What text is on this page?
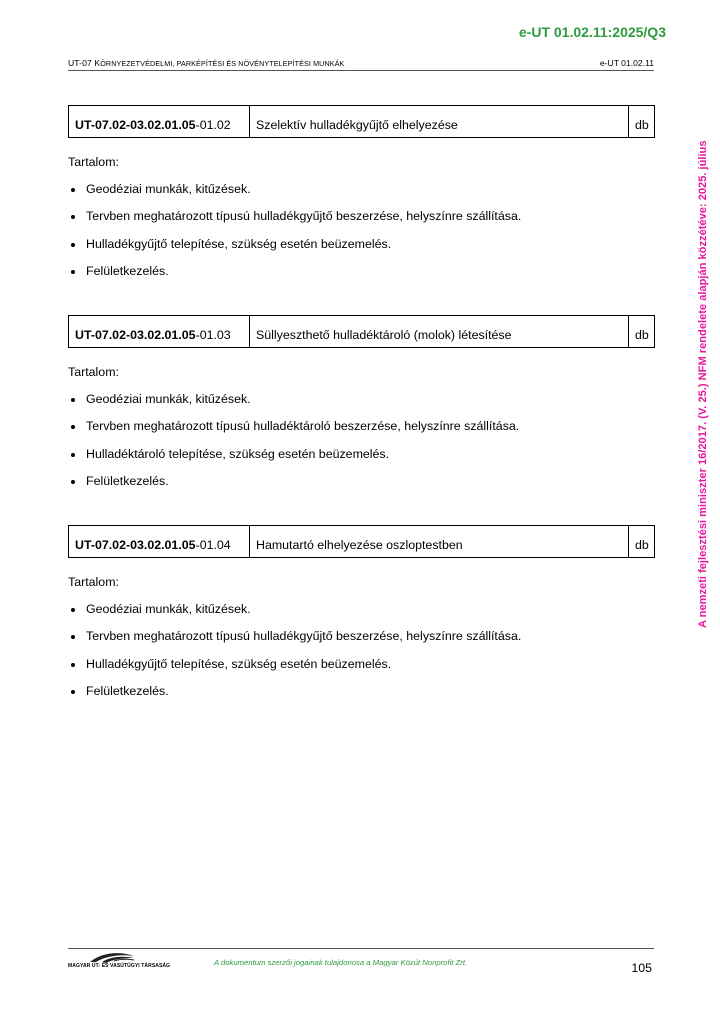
e-UT 01.02.11:2025/Q3
UT-07 KÖRNYEZETVÉDELMI, PARKÉPÍTÉSI ÉS NÖVÉNYTELEPÍTÉSI MUNKÁK	e-UT 01.02.11
A nemzeti fejlesztési miniszter 16/2017. (V. 25.) NFM rendelete alapján közzétéve: 2025. július
UT-07.02-03.02.01.05 -01.02	Szelektív hulladékgyűjtő elhelyezése	db
Tartalom:
Geodéziai munkák, kitűzések.
Tervben meghatározott típusú hulladékgyűjtő beszerzése, helyszínre szállítása.
Hulladékgyűjtő telepítése, szükség esetén beüzemelés.
Felületkezelés.
UT-07.02-03.02.01.05 -01.03	Süllyeszthető hulladéktároló (molok) létesítése	db
Tartalom:
Geodéziai munkák, kitűzések.
Tervben meghatározott típusú hulladéktároló beszerzése, helyszínre szállítása.
Hulladéktároló telepítése, szükség esetén beüzemelés.
Felületkezelés.
UT-07.02-03.02.01.05 -01.04	Hamutartó elhelyezése oszloptestben	db
Tartalom:
Geodéziai munkák, kitűzések.
Tervben meghatározott típusú hulladékgyűjtő beszerzése, helyszínre szállítása.
Hulladékgyűjtő telepítése, szükség esetén beüzemelés.
Felületkezelés.
MAGYAR ÚT- ÉS VASÚTÜGYI TÁRSASÁG	A dokumentum szerzői jogainak tulajdonosa a Magyar Közút Nonprofit Zrt.	105
